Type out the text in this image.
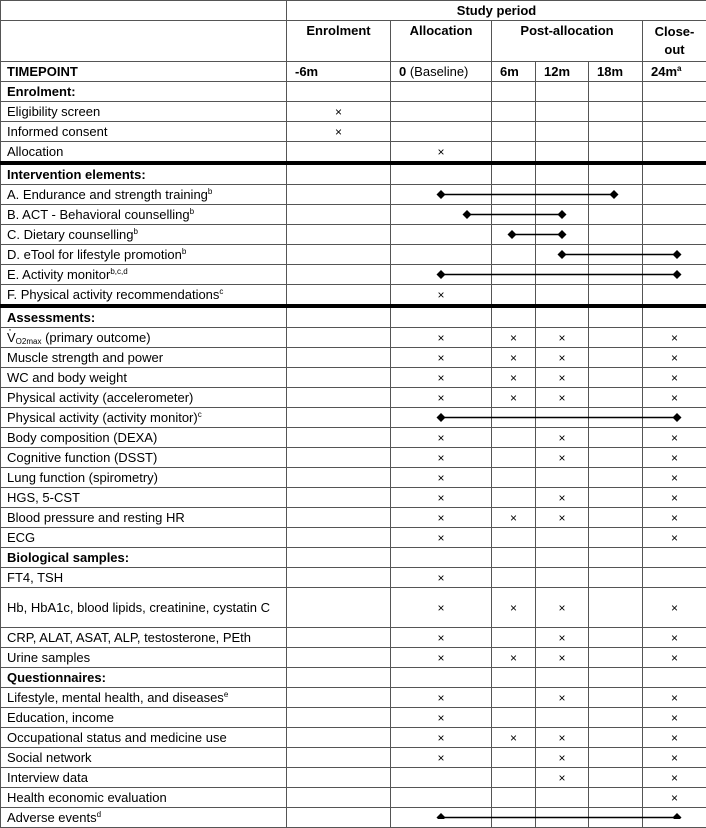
	Study period					
	Enrolment	Allocation	Post-allocation			Close-
out
TIMEPOINT	-6m	0 (Baseline)	6m	12m	18m	$24m^a$
Enrolment:						
Eligibility screen	×					
Informed consent	×					
Allocation		×				
Intervention elements:						
A. Endurance and strength training$^b$						
B. ACT - Behavioral counselling$^b$						
C. Dietary counselling$^b$						
D. eTool for lifestyle promotion$^b$						
E. Activity monitor$^{b,c,d}$						
F. Physical activity recommendations$^c$		×				
Assessments:						
· $V_{O2max}$ (primary outcome)		×	×	×		×
Muscle strength and power		×	×	×		×
WC and body weight		×	×	×		×
Physical activity (accelerometer)		×	×	×		×
Physical activity (activity monitor)$^c$						
Body composition (DEXA)		×		×		×
Cognitive function (DSST)		×		×		×
Lung function (spirometry)		×				×
HGS, 5-CST		×		×		×
Blood pressure and resting HR		×	×	×		×
ECG		×				×
Biological samples:						
FT4, TSH		×				
Hb, HbA1c, blood lipids, creatinine, cystatin C		×	×	×		×
CRP, ALAT, ASAT, ALP, testosterone, PEth		×		×		×
Urine samples		×	×	×		×
Questionnaires:						
Lifestyle, mental health, and diseases$^e$		×		×		×
Education, income		×				×
Occupational status and medicine use		×	×	×		×
Social network		×		×		×
Interview data				×		×
Health economic evaluation						×
Adverse events$^d$						
